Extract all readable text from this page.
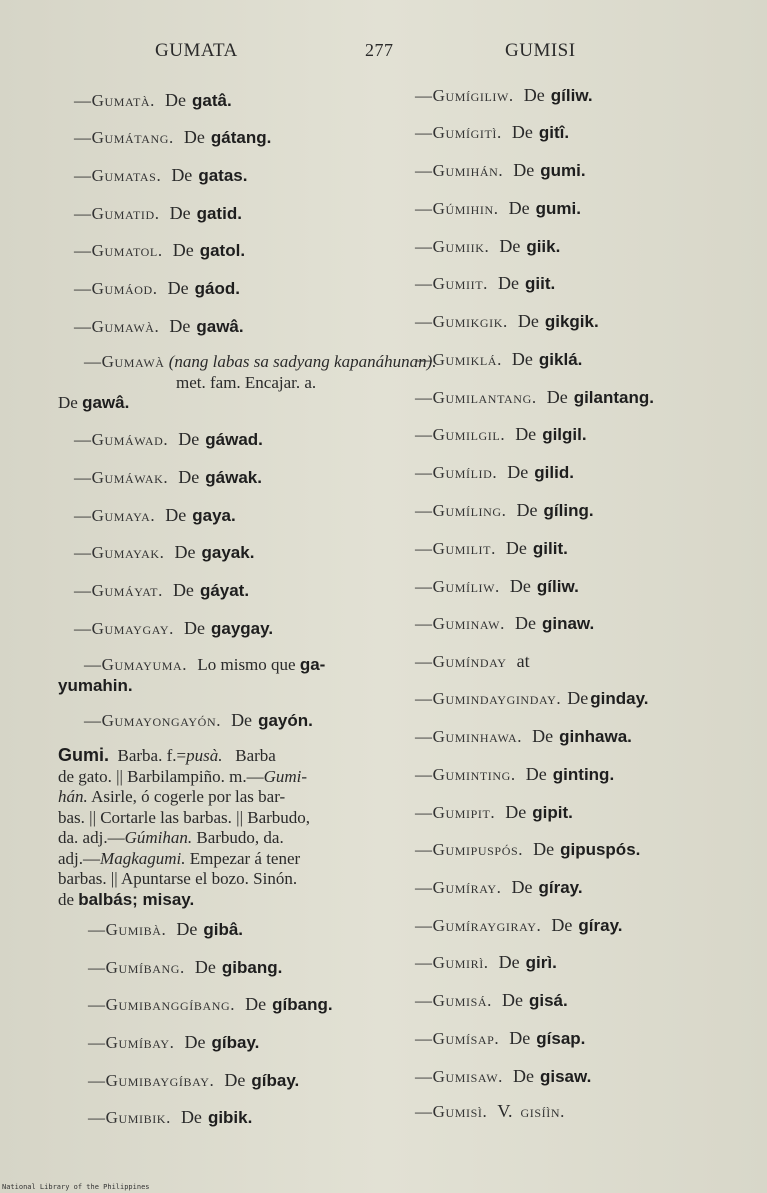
GUMATA	277	GUMISI
—Gumatà. De gatâ.
—Gumátang. De gátang.
—Gumatas. De gatas.
—Gumatid. De gatid.
—Gumatol. De gatol.
—Gumáod. De gáod.
—Gumawà. De gawâ.
—Gumawà (nang labas sa sadyang kapanáhunan).
met. fam. Encajar. a.
De gawâ.
—Gumáwad. De gáwad.
—Gumáwak. De gáwak.
—Gumaya. De gaya.
—Gumayak. De gayak.
—Gumáyat. De gáyat.
—Gumaygay. De gaygay.
—Gumayuma. Lo mismo que ga-
yumahin.
—Gumayongayón. De gayón.
Gumi. Barba. f.=pusà. Barba
de gato. || Barbilampiño. m.—Gumi-
hán. Asirle, ó cogerle por las bar-
bas. || Cortarle las barbas. || Barbudo,
da. adj.—Gúmihan. Barbudo, da.
adj.—Magkagumi. Empezar á tener
barbas. || Apuntarse el bozo. Sinón.
de balbás; misay.
—Gumibà. De gibâ.
—Gumíbang. De gibang.
—Gumibanggíbang. De gíbang.
—Gumíbay. De gíbay.
—Gumibaygíbay. De gíbay.
—Gumibik. De gibik.
—Gumígiliw. De gíliw.
—Gumígitì. De gitî.
—Gumihán. De gumi.
—Gúmihin. De gumi.
—Gumiik. De giik.
—Gumiit. De giit.
—Gumikgik. De gikgik.
—Gumiklá. De giklá.
—Gumilantang. De gilantang.
—Gumilgil. De gilgil.
—Gumílid. De gilid.
—Gumíling. De gíling.
—Gumilit. De gilit.
—Gumíliw. De gíliw.
—Guminaw. De ginaw.
—Gumínday at
—Gumindayginday. De ginday.
—Guminhawa. De ginhawa.
—Guminting. De ginting.
—Gumipit. De gipit.
—Gumipuspós. De gipuspós.
—Gumíray. De gíray.
—Gumíraygiray. De gíray.
—Gumirì. De girì.
—Gumisá. De gisá.
—Gumísap. De gísap.
—Gumisaw. De gisaw.
—Gumisì. V. gisíìn.
National Library of the Philippines
